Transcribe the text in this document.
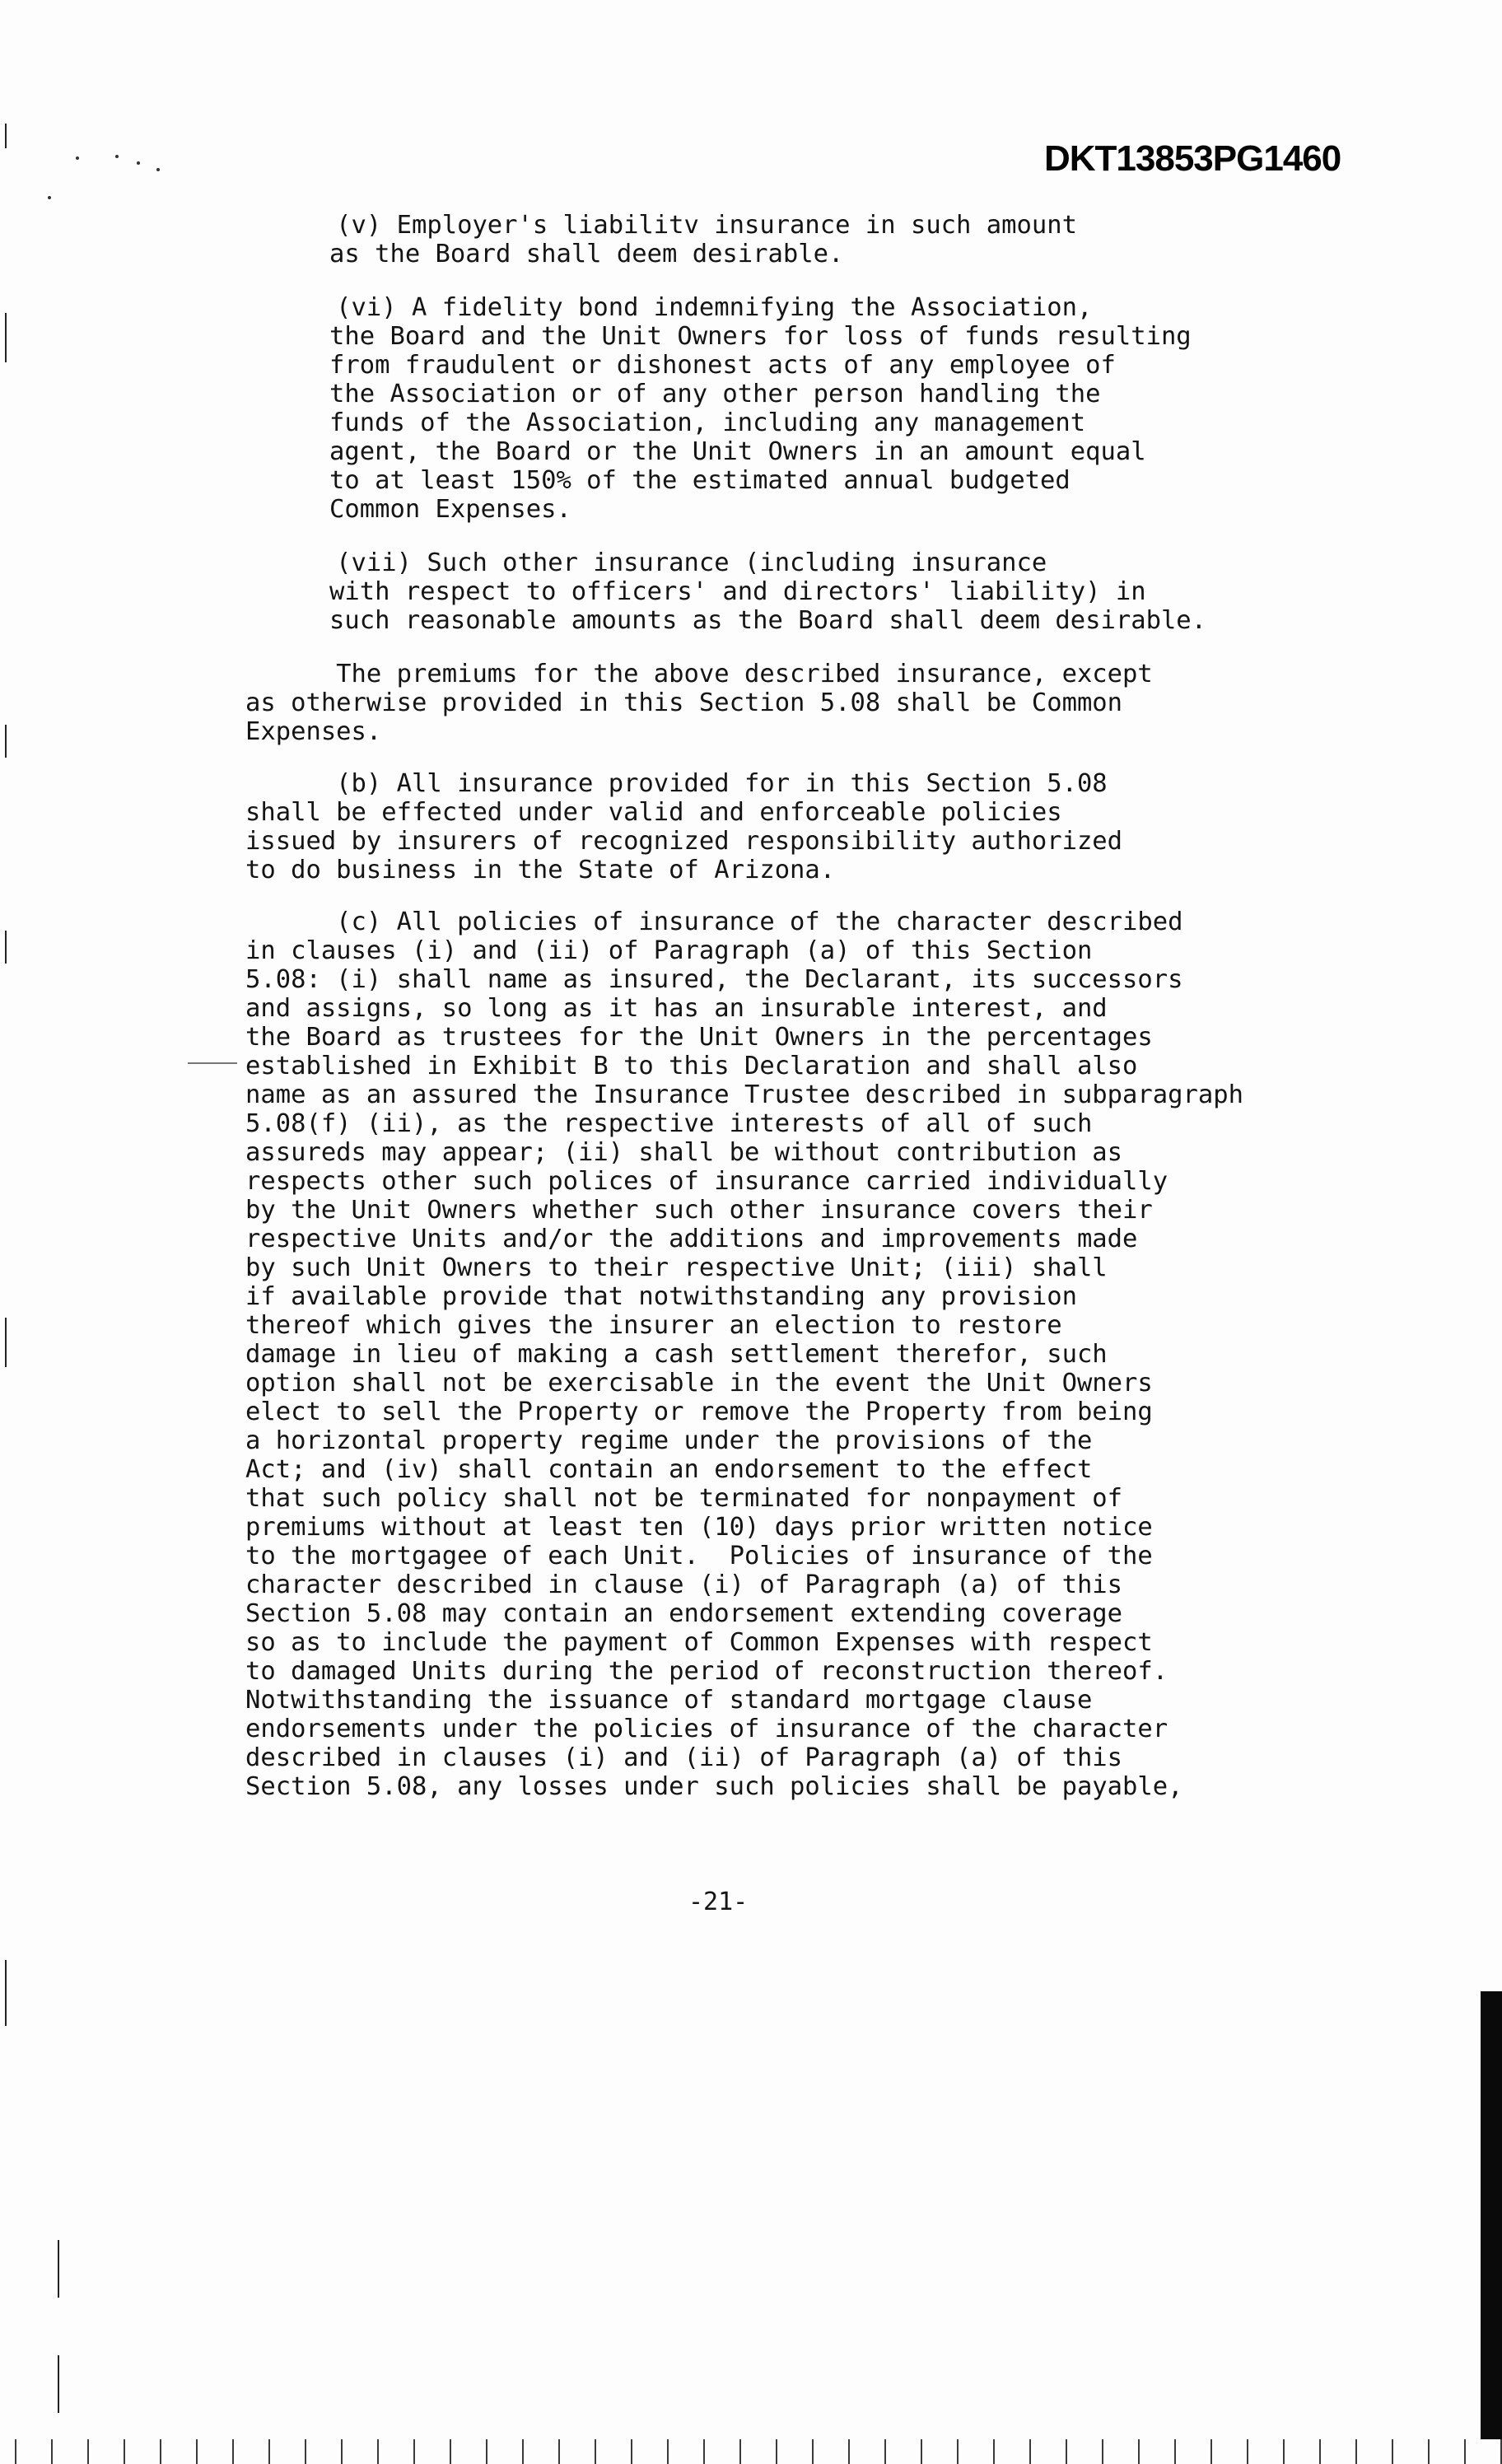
DKT13853PG1460

(v) Employer's liabilitv insurance in such amount
as the Board shall deem desirable.

(vi) A fidelity bond indemnifying the Association,
the Board and the Unit Owners for loss of funds resulting
from fraudulent or dishonest acts of any employee of
the Association or of any other person handling the
funds of the Association, including any management
agent, the Board or the Unit Owners in an amount equal
to at least 150% of the estimated annual budgeted
Common Expenses.

(vii) Such other insurance (including insurance
with respect to officers' and directors' liability) in
such reasonable amounts as the Board shall deem desirable.

The premiums for the above described insurance, except
as otherwise provided in this Section 5.08 shall be Common
Expenses.

(b) All insurance provided for in this Section 5.08
shall be effected under valid and enforceable policies
issued by insurers of recognized responsibility authorized
to do business in the State of Arizona.

(c) All policies of insurance of the character described
in clauses (i) and (ii) of Paragraph (a) of this Section
5.08: (i) shall name as insured, the Declarant, its successors
and assigns, so long as it has an insurable interest, and
the Board as trustees for the Unit Owners in the percentages
established in Exhibit B to this Declaration and shall also
name as an assured the Insurance Trustee described in subparagraph
5.08(f) (ii), as the respective interests of all of such
assureds may appear; (ii) shall be without contribution as
respects other such polices of insurance carried individually
by the Unit Owners whether such other insurance covers their
respective Units and/or the additions and improvements made
by such Unit Owners to their respective Unit; (iii) shall
if available provide that notwithstanding any provision
thereof which gives the insurer an election to restore
damage in lieu of making a cash settlement therefor, such
option shall not be exercisable in the event the Unit Owners
elect to sell the Property or remove the Property from being
a horizontal property regime under the provisions of the
Act; and (iv) shall contain an endorsement to the effect
that such policy shall not be terminated for nonpayment of
premiums without at least ten (10) days prior written notice
to the mortgagee of each Unit.  Policies of insurance of the
character described in clause (i) of Paragraph (a) of this
Section 5.08 may contain an endorsement extending coverage
so as to include the payment of Common Expenses with respect
to damaged Units during the period of reconstruction thereof.
Notwithstanding the issuance of standard mortgage clause
endorsements under the policies of insurance of the character
described in clauses (i) and (ii) of Paragraph (a) of this
Section 5.08, any losses under such policies shall be payable,

-21-
